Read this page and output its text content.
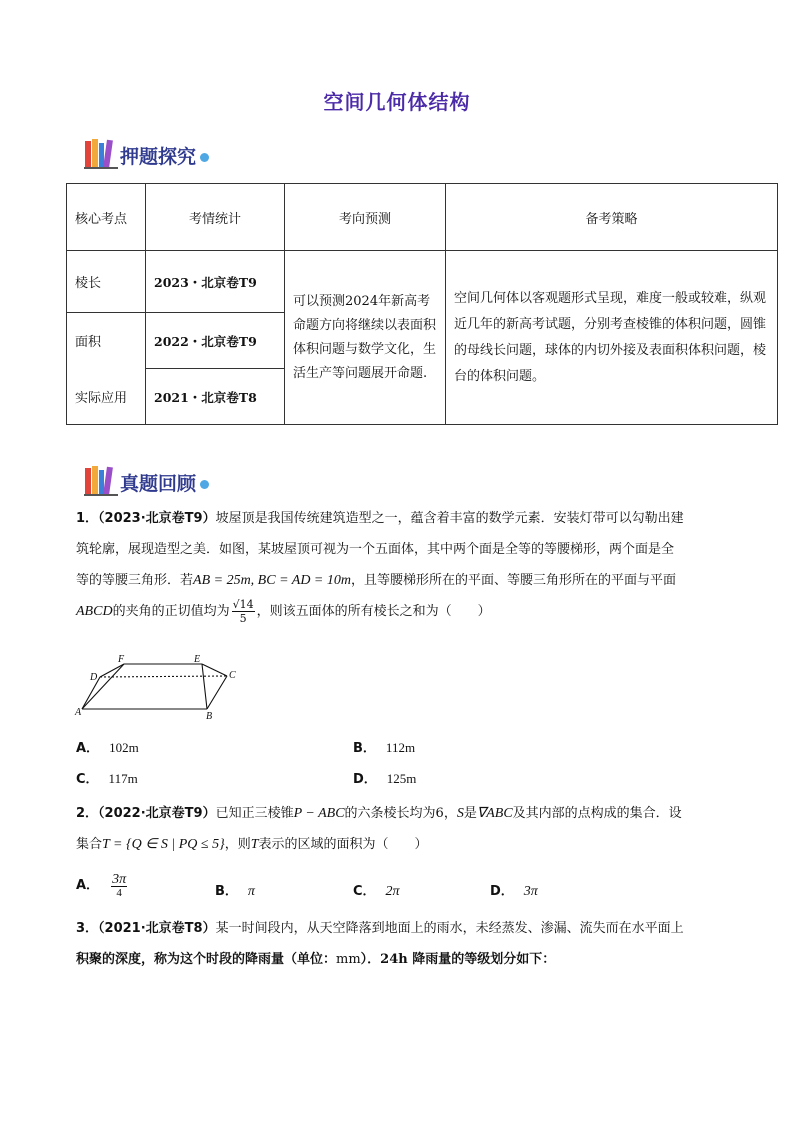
空间几何体结构
押题探究
核心考点	考情统计	考向预测	备考策略
棱长	2023・北京卷T9	可以预测2024年新高考命题方向将继续以表面积体积问题与数学文化，生活生产等问题展开命题.	空间几何体以客观题形式呈现，难度一般或较难，纵观近几年的新高考试题，分别考查棱锥的体积问题，圆锥的母线长问题，球体的内切外接及表面积体积问题，棱台的体积问题。
面积	2022・北京卷T9		
实际应用	2021・北京卷T8		
真题回顾
1．（2023·北京卷T9）坡屋顶是我国传统建筑造型之一，蕴含着丰富的数学元素．安装灯带可以勾勒出建
筑轮廓，展现造型之美．如图，某坡屋顶可视为一个五面体，其中两个面是全等的等腰梯形，两个面是全
等的等腰三角形．若AB = 25m, BC = AD = 10m，且等腰梯形所在的平面、等腰三角形所在的平面与平面
ABCD的夹角的正切值均为 $\frac{√14}{5}$ ，则该五面体的所有棱长之和为（　　）
D
F	E
C
A	B
A． 102m	B． 112m
C． 117m	D． 125m
2．（2022·北京卷T9）已知正三棱锥P − ABC的六条棱长均为6，S是∇ABC及其内部的点构成的集合．设
集合T = {Q ∈ S | PQ ≤ 5}，则T表示的区域的面积为（　　）
A． $\frac{3\pi}{4}$	B． π	C． 2π	D． 3π
3．（2021·北京卷T8）某一时间段内，从天空降落到地面上的雨水，未经蒸发、渗漏、流失而在水平面上
积聚的深度，称为这个时段的降雨量（单位：mm）．24h 降雨量的等级划分如下：
